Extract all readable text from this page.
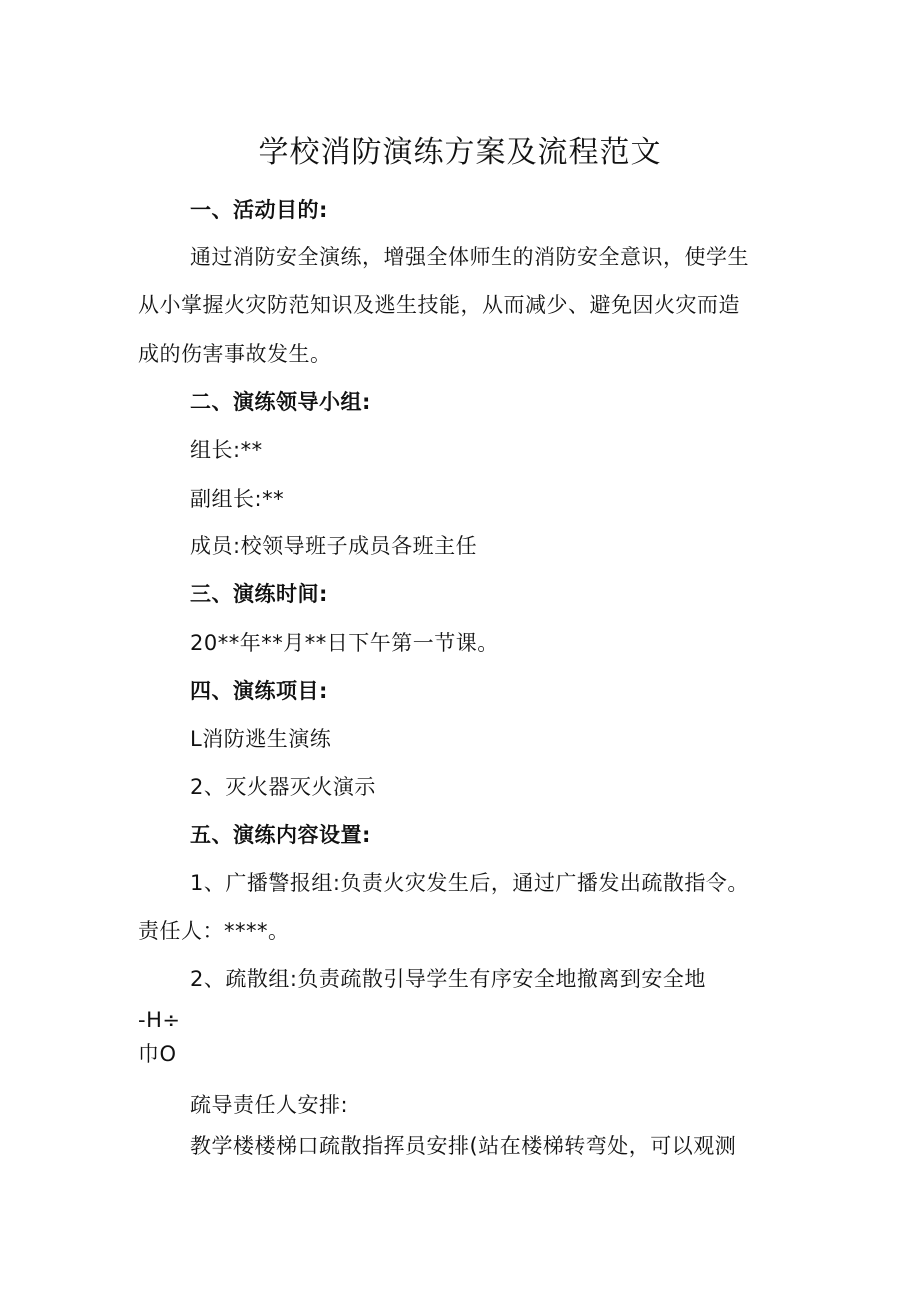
学校消防演练方案及流程范文

一、活动目的:

通过消防安全演练，增强全体师生的消防安全意识，使学生

从小掌握火灾防范知识及逃生技能，从而减少、避免因火灾而造

成的伤害事故发生。

二、演练领导小组:

组长:**

副组长:**

成员:校领导班子成员各班主任

三、演练时间:

20**年**月**日下午第一节课。

四、演练项目:

L消防逃生演练

2、灭火器灭火演示

五、演练内容设置:

1、广播警报组:负责火灾发生后，通过广播发出疏散指令。

责任人：****。

2、疏散组:负责疏散引导学生有序安全地撤离到安全地

-H÷

巾O

疏导责任人安排:

教学楼楼梯口疏散指挥员安排(站在楼梯转弯处，可以观测
